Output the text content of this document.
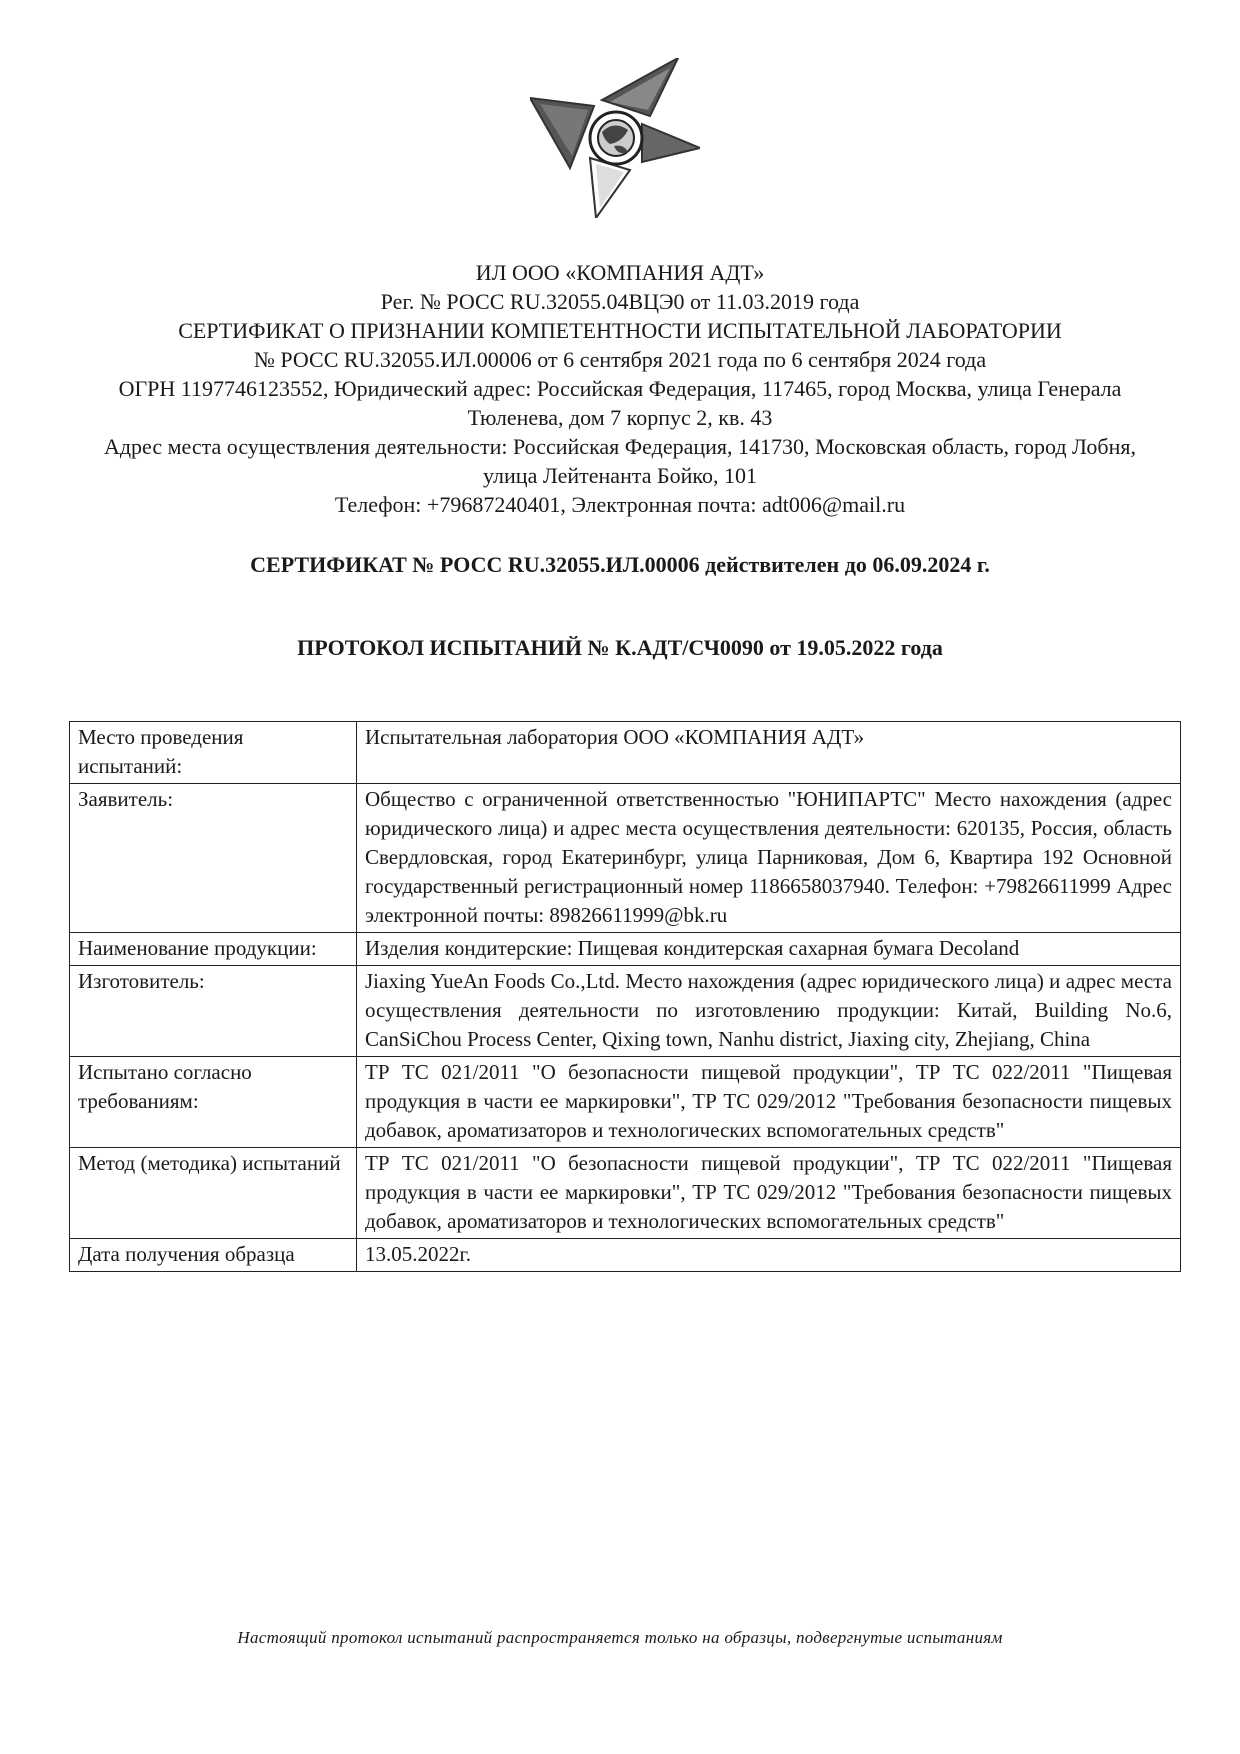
ИЛ ООО «КОМПАНИЯ АДТ»
Рег. № РОСС RU.32055.04ВЦЭ0 от 11.03.2019 года
СЕРТИФИКАТ О ПРИЗНАНИИ КОМПЕТЕНТНОСТИ ИСПЫТАТЕЛЬНОЙ ЛАБОРАТОРИИ
№ РОСС RU.32055.ИЛ.00006 от 6 сентября 2021 года по 6 сентября 2024 года
ОГРН 1197746123552, Юридический адрес: Российская Федерация, 117465, город Москва, улица Генерала Тюленева, дом 7 корпус 2, кв. 43
Адрес места осуществления деятельности: Российская Федерация, 141730, Московская область, город Лобня, улица Лейтенанта Бойко, 101
Телефон: +79687240401, Электронная почта: adt006@mail.ru
СЕРТИФИКАТ № РОСС RU.32055.ИЛ.00006 действителен до 06.09.2024 г.
ПРОТОКОЛ ИСПЫТАНИЙ № К.АДТ/СЧ0090 от 19.05.2022 года
Место проведения испытаний:	Испытательная лаборатория ООО «КОМПАНИЯ АДТ»
Заявитель:	Общество с ограниченной ответственностью "ЮНИПАРТС" Место нахождения (адрес юридического лица) и адрес места осуществления деятельности: 620135, Россия, область Свердловская, город Екатеринбург, улица Парниковая, Дом 6, Квартира 192 Основной государственный регистрационный номер 1186658037940. Телефон: +79826611999 Адрес электронной почты: 89826611999@bk.ru
Наименование продукции:	Изделия кондитерские: Пищевая кондитерская сахарная бумага Decoland
Изготовитель:	Jiaxing YueAn Foods Co.,Ltd. Место нахождения (адрес юридического лица) и адрес места осуществления деятельности по изготовлению продукции: Китай, Building No.6, CanSiChou Process Center, Qixing town, Nanhu district, Jiaxing city, Zhejiang, China
Испытано согласно требованиям:	ТР ТС 021/2011 "О безопасности пищевой продукции", ТР ТС 022/2011 "Пищевая продукция в части ее маркировки", ТР ТС 029/2012 "Требования безопасности пищевых добавок, ароматизаторов и технологических вспомогательных средств"
Метод (методика) испытаний	ТР ТС 021/2011 "О безопасности пищевой продукции", ТР ТС 022/2011 "Пищевая продукция в части ее маркировки", ТР ТС 029/2012 "Требования безопасности пищевых добавок, ароматизаторов и технологических вспомогательных средств"
Дата получения образца	13.05.2022г.
Настоящий протокол испытаний распространяется только на образцы, подвергнутые испытаниям
